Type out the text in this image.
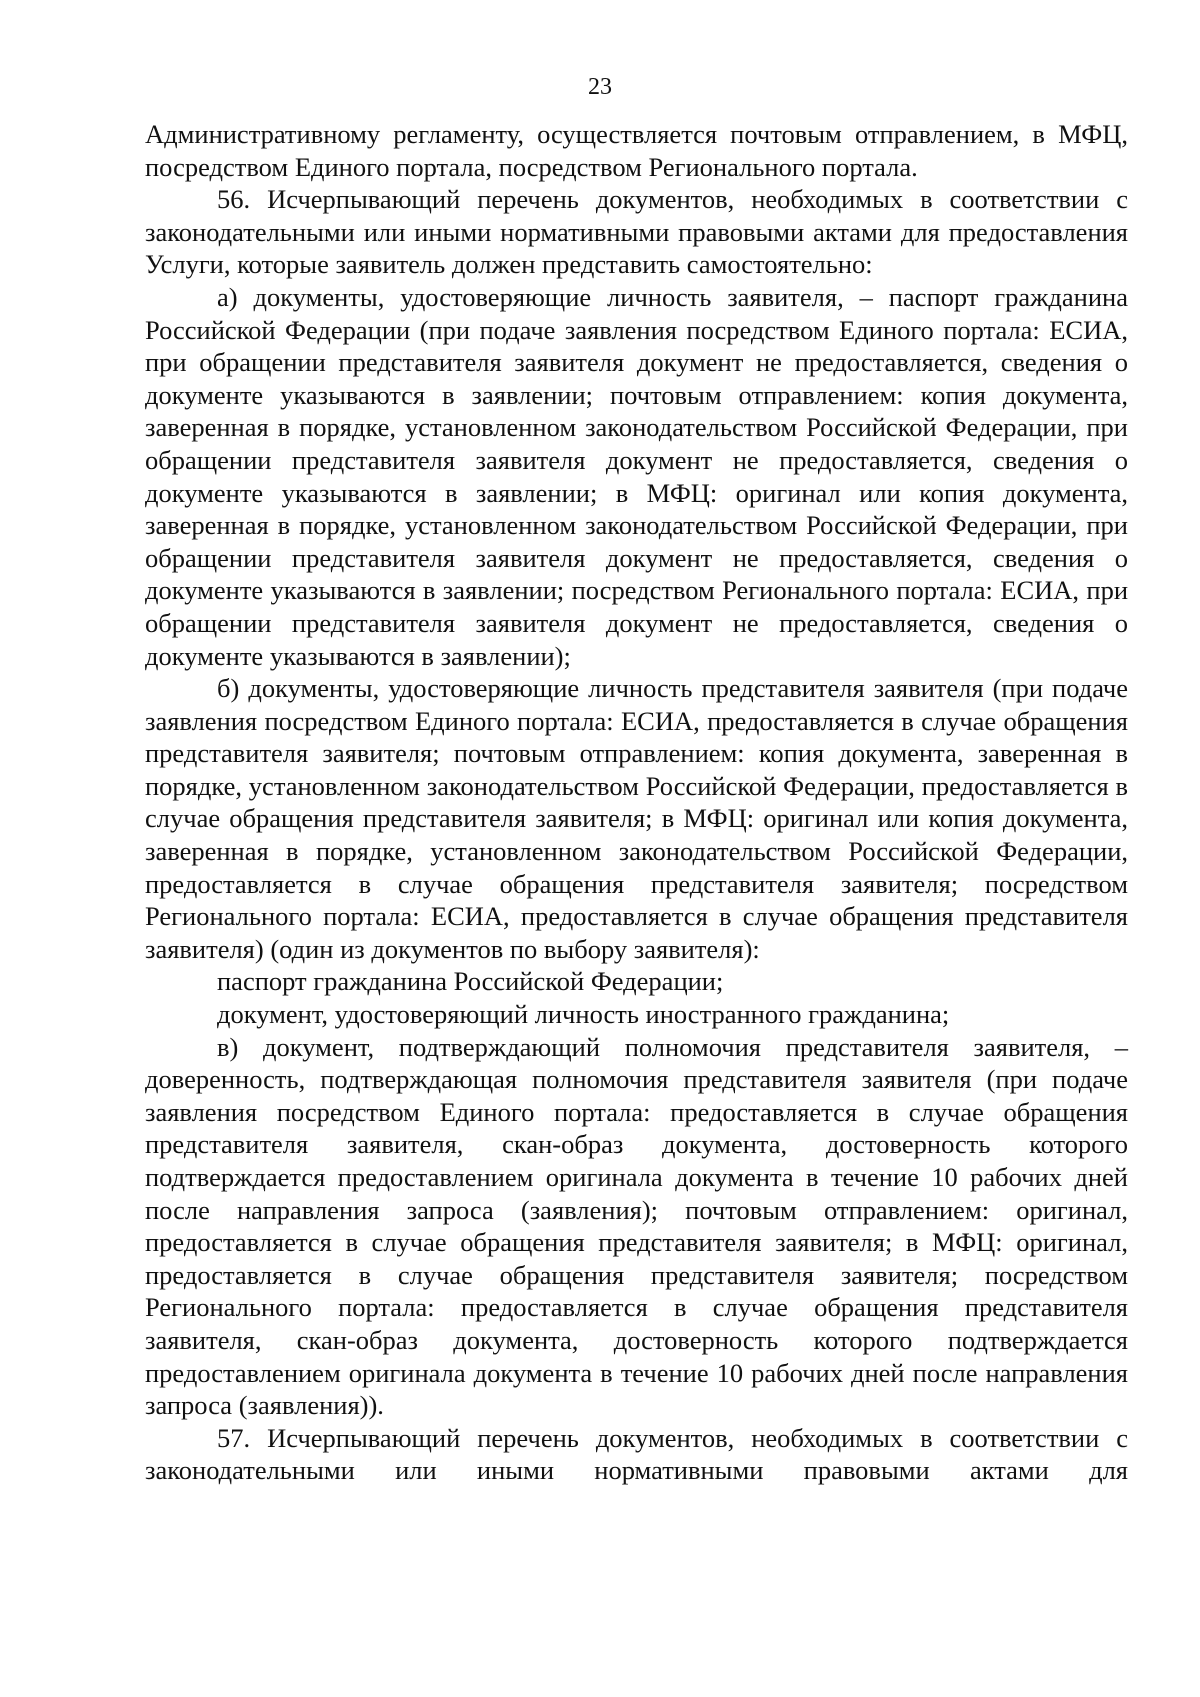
23

Административному регламенту, осуществляется почтовым отправлением, в МФЦ, посредством Единого портала, посредством Регионального портала.

56. Исчерпывающий перечень документов, необходимых в соответствии с законодательными или иными нормативными правовыми актами для предоставления Услуги, которые заявитель должен представить самостоятельно:

а) документы, удостоверяющие личность заявителя, – паспорт гражданина Российской Федерации (при подаче заявления посредством Единого портала: ЕСИА, при обращении представителя заявителя документ не предоставляется, сведения о документе указываются в заявлении; почтовым отправлением: копия документа, заверенная в порядке, установленном законодательством Российской Федерации, при обращении представителя заявителя документ не предоставляется, сведения о документе указываются в заявлении; в МФЦ: оригинал или копия документа, заверенная в порядке, установленном законодательством Российской Федерации, при обращении представителя заявителя документ не предоставляется, сведения о документе указываются в заявлении; посредством Регионального портала: ЕСИА, при обращении представителя заявителя документ не предоставляется, сведения о документе указываются в заявлении);

б) документы, удостоверяющие личность представителя заявителя (при подаче заявления посредством Единого портала: ЕСИА, предоставляется в случае обращения представителя заявителя; почтовым отправлением: копия документа, заверенная в порядке, установленном законодательством Российской Федерации, предоставляется в случае обращения представителя заявителя; в МФЦ: оригинал или копия документа, заверенная в порядке, установленном законодательством Российской Федерации, предоставляется в случае обращения представителя заявителя; посредством Регионального портала: ЕСИА, предоставляется в случае обращения представителя заявителя) (один из документов по выбору заявителя):

паспорт гражданина Российской Федерации;

документ, удостоверяющий личность иностранного гражданина;

в) документ, подтверждающий полномочия представителя заявителя, – доверенность, подтверждающая полномочия представителя заявителя (при подаче заявления посредством Единого портала: предоставляется в случае обращения представителя заявителя, скан-образ документа, достоверность которого подтверждается предоставлением оригинала документа в течение 10 рабочих дней после направления запроса (заявления); почтовым отправлением: оригинал, предоставляется в случае обращения представителя заявителя; в МФЦ: оригинал, предоставляется в случае обращения представителя заявителя; посредством Регионального портала: предоставляется в случае обращения представителя заявителя, скан-образ документа, достоверность которого подтверждается предоставлением оригинала документа в течение 10 рабочих дней после направления запроса (заявления)).

57. Исчерпывающий перечень документов, необходимых в соответствии с законодательными или иными нормативными правовыми актами для
